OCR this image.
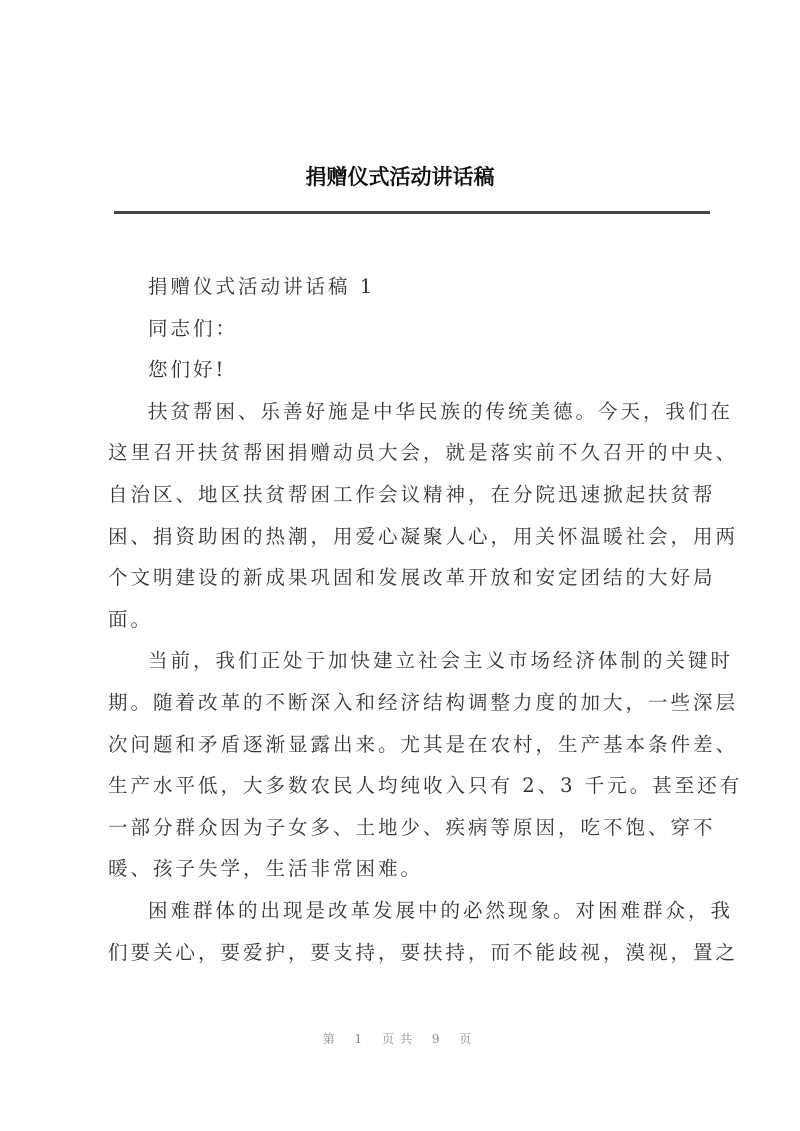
捐赠仪式活动讲话稿
捐赠仪式活动讲话稿 1
同志们：
您们好!
扶贫帮困、乐善好施是中华民族的传统美德。今天，我们在
这里召开扶贫帮困捐赠动员大会，就是落实前不久召开的中央、
自治区、地区扶贫帮困工作会议精神，在分院迅速掀起扶贫帮
困、捐资助困的热潮，用爱心凝聚人心，用关怀温暖社会，用两
个文明建设的新成果巩固和发展改革开放和安定团结的大好局
面。
当前，我们正处于加快建立社会主义市场经济体制的关键时
期。随着改革的不断深入和经济结构调整力度的加大，一些深层
次问题和矛盾逐渐显露出来。尤其是在农村，生产基本条件差、
生产水平低，大多数农民人均纯收入只有 2、3 千元。甚至还有
一部分群众因为子女多、土地少、疾病等原因，吃不饱、穿不
暖、孩子失学，生活非常困难。
困难群体的出现是改革发展中的必然现象。对困难群众，我
们要关心，要爱护，要支持，要扶持，而不能歧视，漠视，置之
第 1 页共 9 页
